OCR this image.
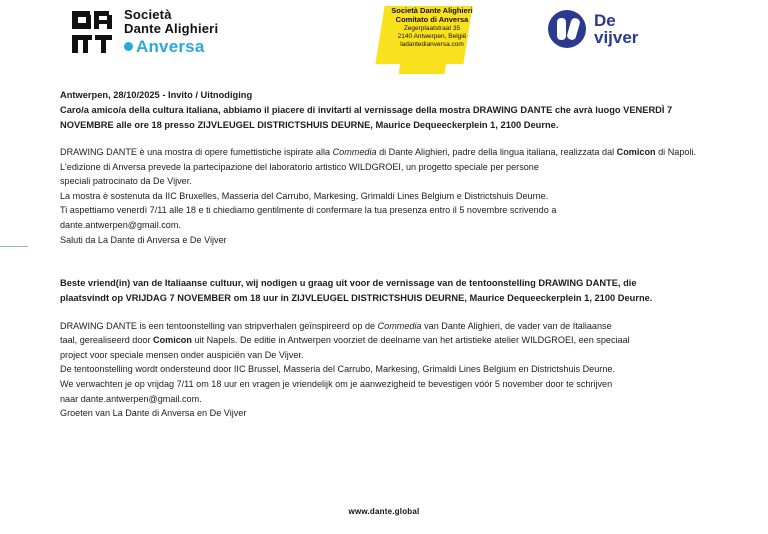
Società
Dante Alighieri
Anversa
Società Dante Alighieri
Comitato di Anversa
Zegerplaatstraat 35
2140 Antwerpen, België
ladantedianversa.com
De
vijver

Antwerpen, 28/10/2025 - Invito / Uitnodiging

Caro/a amico/a della cultura italiana, abbiamo il piacere di invitarti al vernissage della mostra DRAWING DANTE che avrà luogo VENERDÌ 7

NOVEMBRE alle ore 18 presso ZIJVLEUGEL DISTRICTSHUIS DEURNE, Maurice Dequeeckerplein 1, 2100 Deurne.

DRAWING DANTE è una mostra di opere fumettistiche ispirate alla Commedia di Dante Alighieri, padre della lingua italiana, realizzata dal Comicon di Napoli. L'edizione di Anversa prevede la partecipazione del laboratorio artistico WILDGROEI, un progetto speciale per persone

speciali patrocinato da De Vijver.

La mostra è sostenuta da IIC Bruxelles, Masseria del Carrubo, Markesing, Grimaldi Lines Belgium e Districtshuis Deurne.

Ti aspettiamo venerdì 7/11 alle 18 e ti chiediamo gentilmente di confermare la tua presenza entro il 5 novembre scrivendo a

dante.antwerpen@gmail.com.

Saluti da La Dante di Anversa e De Vijver

Beste vriend(in) van de Italiaanse cultuur, wij nodigen u graag uit voor de vernissage van de tentoonstelling DRAWING DANTE, die

plaatsvindt op VRIJDAG 7 NOVEMBER om 18 uur in ZIJVLEUGEL DISTRICTSHUIS DEURNE, Maurice Dequeeckerplein 1, 2100 Deurne.

DRAWING DANTE is een tentoonstelling van stripverhalen geïnspireerd op de Commedia van Dante Alighieri, de vader van de Italiaanse

taal, gerealiseerd door Comicon uit Napels. De editie in Antwerpen voorziet de deelname van het artistieke atelier WILDGROEI, een speciaal

project voor speciale mensen onder auspiciën van De Vijver.

De tentoonstelling wordt ondersteund door IIC Brussel, Masseria del Carrubo, Markesing, Grimaldi Lines Belgium en Districtshuis Deurne.

We verwachten je op vrijdag 7/11 om 18 uur en vragen je vriendelijk om je aanwezigheid te bevestigen vóór 5 november door te schrijven

naar dante.antwerpen@gmail.com.

Groeten van La Dante di Anversa en De Vijver

www.dante.global
